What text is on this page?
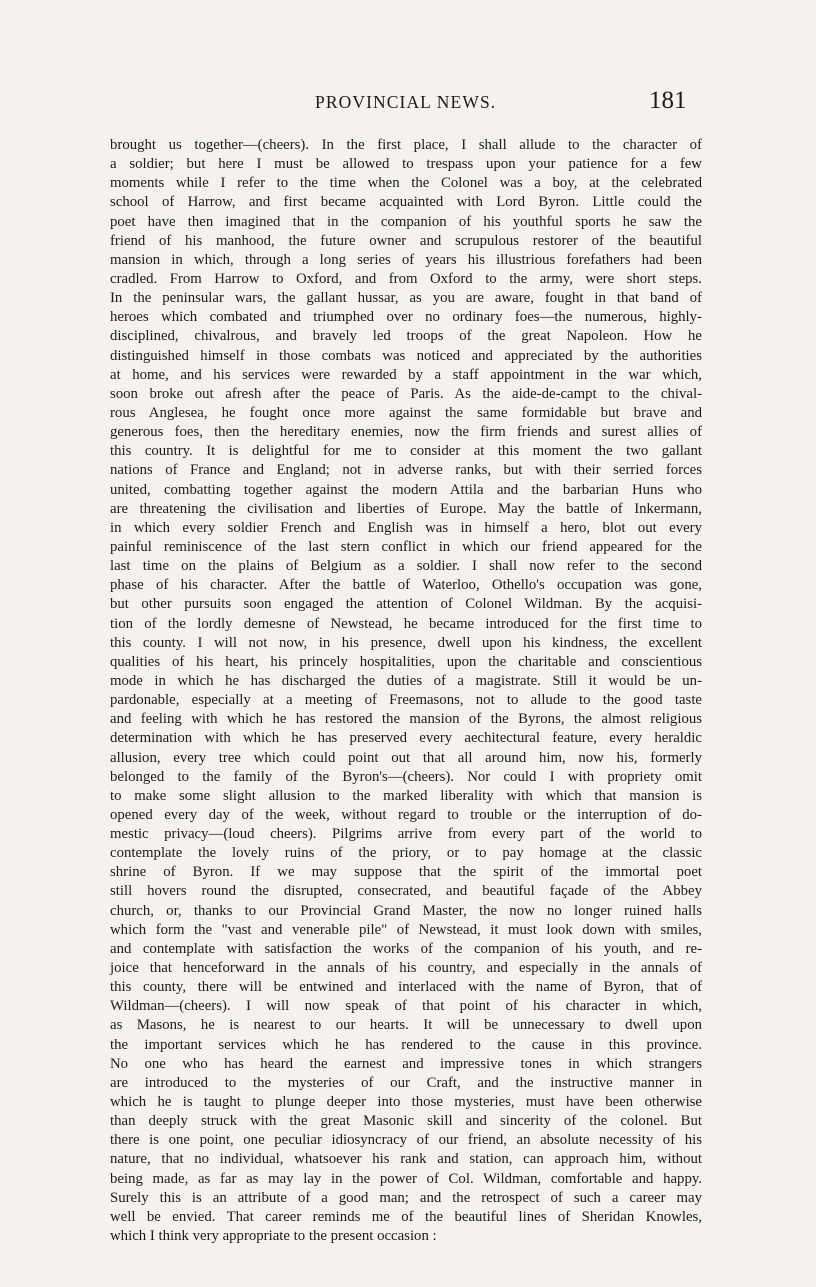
PROVINCIAL NEWS.	181
brought us together—(cheers). In the first place, I shall allude to the character of
a soldier; but here I must be allowed to trespass upon your patience for a few
moments while I refer to the time when the Colonel was a boy, at the celebrated
school of Harrow, and first became acquainted with Lord Byron. Little could the
poet have then imagined that in the companion of his youthful sports he saw the
friend of his manhood, the future owner and scrupulous restorer of the beautiful
mansion in which, through a long series of years his illustrious forefathers had been
cradled. From Harrow to Oxford, and from Oxford to the army, were short steps.
In the peninsular wars, the gallant hussar, as you are aware, fought in that band of
heroes which combated and triumphed over no ordinary foes—the numerous, highly-
disciplined, chivalrous, and bravely led troops of the great Napoleon. How he
distinguished himself in those combats was noticed and appreciated by the authorities
at home, and his services were rewarded by a staff appointment in the war which,
soon broke out afresh after the peace of Paris. As the aide-de-campt to the chival-
rous Anglesea, he fought once more against the same formidable but brave and
generous foes, then the hereditary enemies, now the firm friends and surest allies of
this country. It is delightful for me to consider at this moment the two gallant
nations of France and England; not in adverse ranks, but with their serried forces
united, combatting together against the modern Attila and the barbarian Huns who
are threatening the civilisation and liberties of Europe. May the battle of Inkermann,
in which every soldier French and English was in himself a hero, blot out every
painful reminiscence of the last stern conflict in which our friend appeared for the
last time on the plains of Belgium as a soldier. I shall now refer to the second
phase of his character. After the battle of Waterloo, Othello's occupation was gone,
but other pursuits soon engaged the attention of Colonel Wildman. By the acquisi-
tion of the lordly demesne of Newstead, he became introduced for the first time to
this county. I will not now, in his presence, dwell upon his kindness, the excellent
qualities of his heart, his princely hospitalities, upon the charitable and conscientious
mode in which he has discharged the duties of a magistrate. Still it would be un-
pardonable, especially at a meeting of Freemasons, not to allude to the good taste
and feeling with which he has restored the mansion of the Byrons, the almost religious
determination with which he has preserved every aechitectural feature, every heraldic
allusion, every tree which could point out that all around him, now his, formerly
belonged to the family of the Byron's—(cheers). Nor could I with propriety omit
to make some slight allusion to the marked liberality with which that mansion is
opened every day of the week, without regard to trouble or the interruption of do-
mestic privacy—(loud cheers). Pilgrims arrive from every part of the world to
contemplate the lovely ruins of the priory, or to pay homage at the classic
shrine of Byron. If we may suppose that the spirit of the immortal poet
still hovers round the disrupted, consecrated, and beautiful façade of the Abbey
church, or, thanks to our Provincial Grand Master, the now no longer ruined halls
which form the "vast and venerable pile" of Newstead, it must look down with smiles,
and contemplate with satisfaction the works of the companion of his youth, and re-
joice that henceforward in the annals of his country, and especially in the annals of
this county, there will be entwined and interlaced with the name of Byron, that of
Wildman—(cheers). I will now speak of that point of his character in which,
as Masons, he is nearest to our hearts. It will be unnecessary to dwell upon
the important services which he has rendered to the cause in this province.
No one who has heard the earnest and impressive tones in which strangers
are introduced to the mysteries of our Craft, and the instructive manner in
which he is taught to plunge deeper into those mysteries, must have been otherwise
than deeply struck with the great Masonic skill and sincerity of the colonel. But
there is one point, one peculiar idiosyncracy of our friend, an absolute necessity of his
nature, that no individual, whatsoever his rank and station, can approach him, without
being made, as far as may lay in the power of Col. Wildman, comfortable and happy.
Surely this is an attribute of a good man; and the retrospect of such a career may
well be envied. That career reminds me of the beautiful lines of Sheridan Knowles,
which I think very appropriate to the present occasion :
